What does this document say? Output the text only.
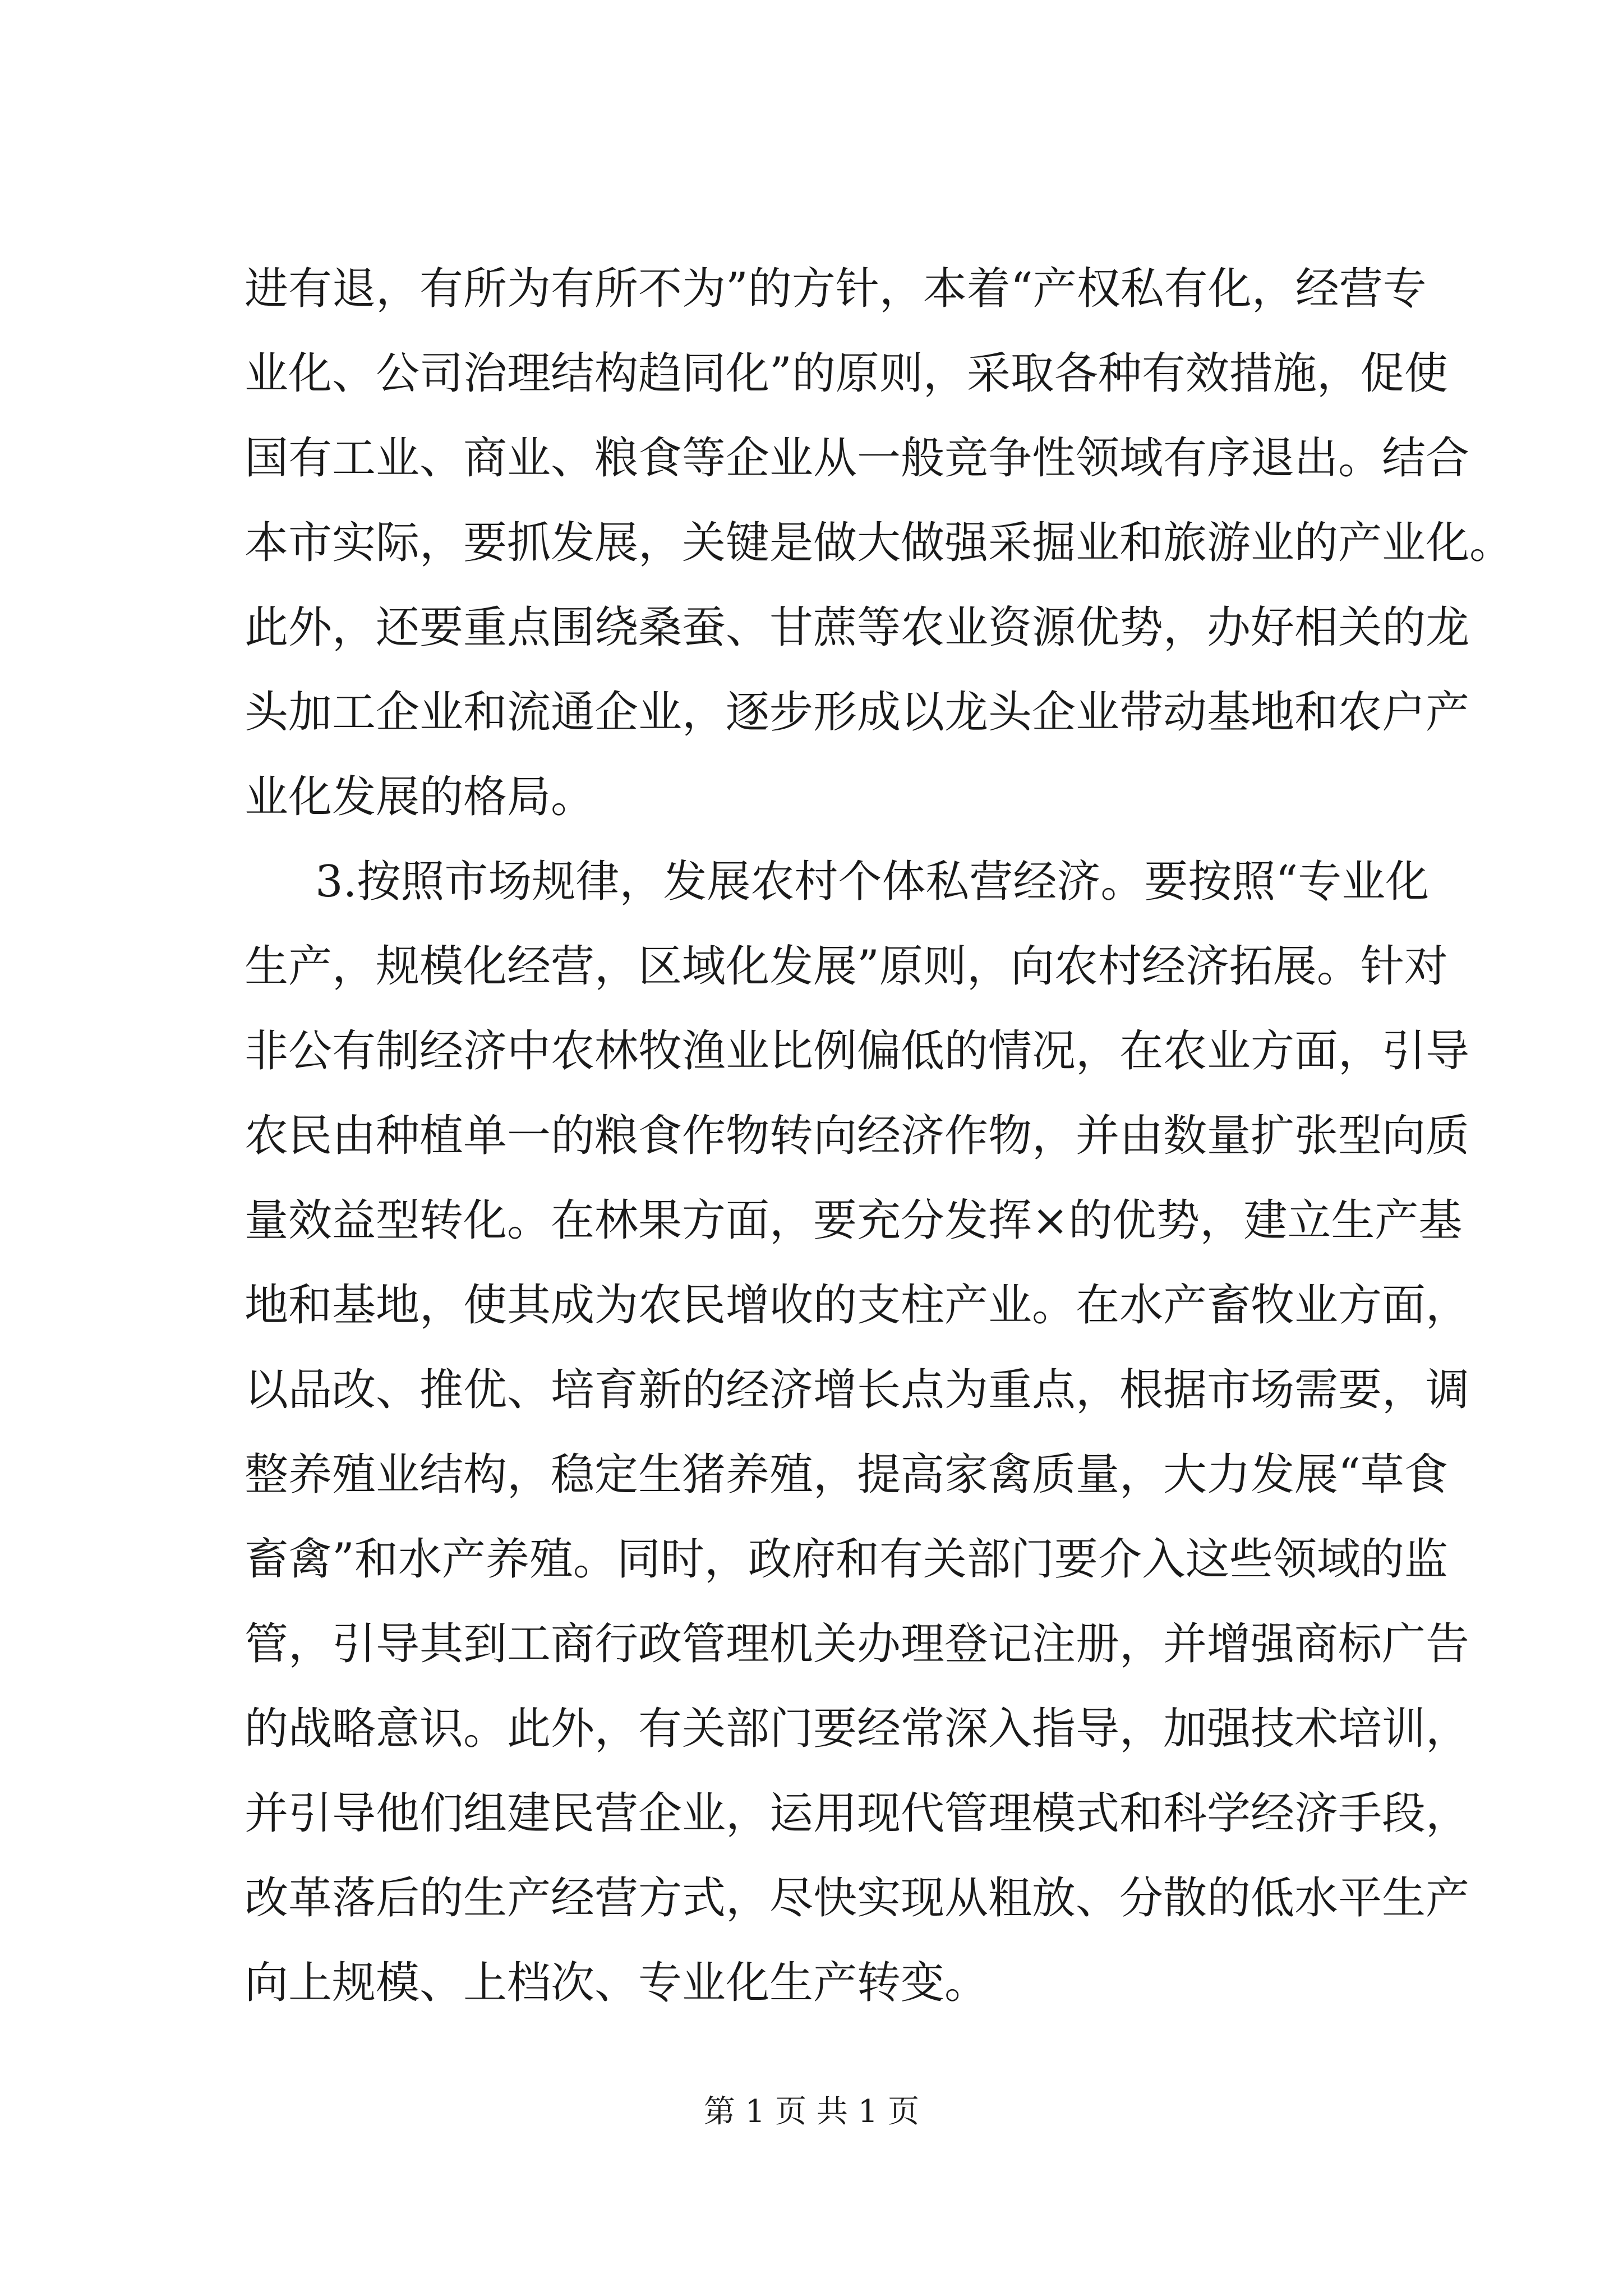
进有退，有所为有所不为”的方针，本着“产权私有化，经营专
业化、公司治理结构趋同化”的原则，采取各种有效措施，促使
国有工业、商业、粮食等企业从一般竞争性领域有序退出。结合
本市实际，要抓发展，关键是做大做强采掘业和旅游业的产业化。
此外，还要重点围绕桑蚕、甘蔗等农业资源优势，办好相关的龙
头加工企业和流通企业，逐步形成以龙头企业带动基地和农户产
业化发展的格局。
3.按照市场规律，发展农村个体私营经济。要按照“专业化
生产，规模化经营，区域化发展”原则，向农村经济拓展。针对
非公有制经济中农林牧渔业比例偏低的情况，在农业方面，引导
农民由种植单一的粮食作物转向经济作物，并由数量扩张型向质
量效益型转化。在林果方面，要充分发挥×的优势，建立生产基
地和基地，使其成为农民增收的支柱产业。在水产畜牧业方面，
以品改、推优、培育新的经济增长点为重点，根据市场需要，调
整养殖业结构，稳定生猪养殖，提高家禽质量，大力发展“草食
畜禽”和水产养殖。同时，政府和有关部门要介入这些领域的监
管，引导其到工商行政管理机关办理登记注册，并增强商标广告
的战略意识。此外，有关部门要经常深入指导，加强技术培训，
并引导他们组建民营企业，运用现代管理模式和科学经济手段，
改革落后的生产经营方式，尽快实现从粗放、分散的低水平生产
向上规模、上档次、专业化生产转变。
第 1 页 共 1 页
